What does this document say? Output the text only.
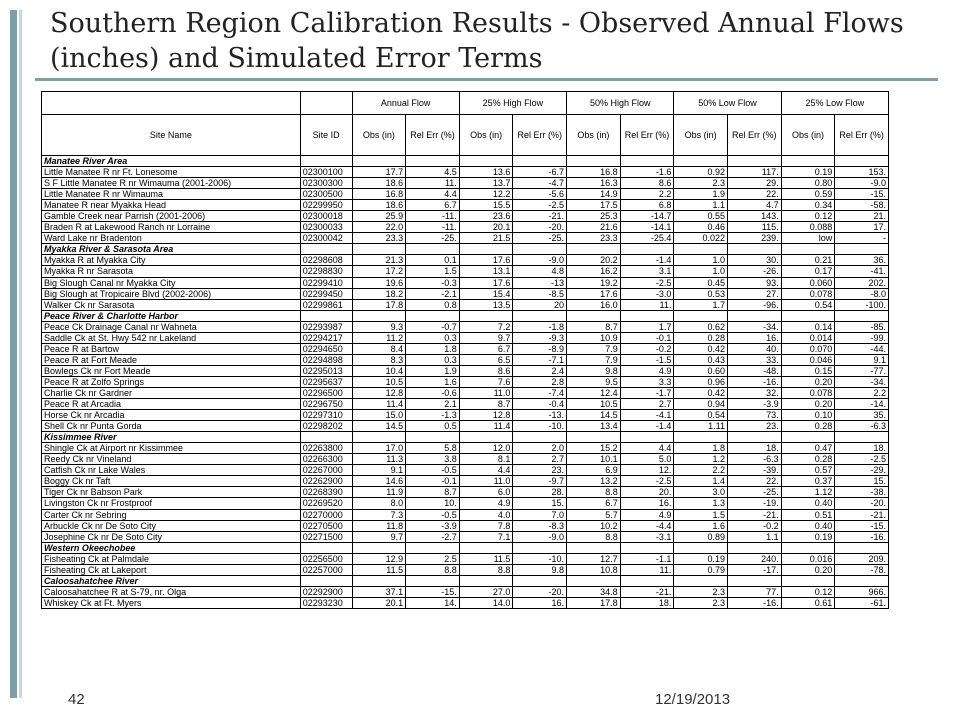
Southern Region Calibration Results - Observed Annual Flows (inches) and Simulated Error Terms
		Annual Flow		25% High Flow		50% High Flow		50% Low Flow		25% Low Flow	
Site Name	Site ID	Obs (in)	Rel Err (%)	Obs (in)	Rel Err (%)	Obs (in)	Rel Err (%)	Obs (in)	Rel Err (%)	Obs (in)	Rel Err (%)
Manatee River Area											
Little Manatee R nr Ft. Lonesome	02300100	17.7	4.5	13.6	-6.7	16.8	-1.6	0.92	117.	0.19	153.
S F Little Manatee R nr Wimauma (2001-2006)	02300300	18.6	11.	13.7	-4.7	16.3	8.6	2.3	29.	0.80	-9.0
Little Manatee R nr Wimauma	02300500	16.8	4.4	12.2	-5.6	14.9	2.2	1.9	22.	0.59	-15.
Manatee R near Myakka Head	02299950	18.6	6.7	15.5	-2.5	17.5	6.8	1.1	4.7	0.34	-58.
Gamble Creek near Parrish (2001-2006)	02300018	25.9	-11.	23.6	-21.	25.3	-14.7	0.55	143.	0.12	21.
Braden R at Lakewood Ranch nr Lorraine	02300033	22.0	-11.	20.1	-20.	21.6	-14.1	0.46	115.	0.088	17.
Ward Lake nr Bradenton	02300042	23.3	-25.	21.5	-25.	23.3	-25.4	0.022	239.	low	-
Myakka River & Sarasota Area											
Myakka R at Myakka City	02298608	21.3	0.1	17.6	-9.0	20.2	-1.4	1.0	30.	0.21	36.
Myakka R nr Sarasota	02298830	17.2	1.5	13.1	4.8	16.2	3.1	1.0	-26.	0.17	-41.
Big Slough Canal nr Myakka City	02299410	19.6	-0.3	17.6	-13	19.2	-2.5	0.45	93.	0.060	202.
Big Slough at Tropicaire Blvd (2002-2006)	02299450	18.2	-2.1	15.4	-8.5	17.6	-3.0	0.53	27.	0.078	-8.0
Walker Ck nr Sarasota	02299861	17.8	0.8	13.5	20	16.0	11.	1.7	-96.	0.54	-100.
Peace River & Charlotte Harbor											
Peace Ck Drainage Canal nr Wahneta	02293987	9.3	-0.7	7.2	-1.8	8.7	1.7	0.62	-34.	0.14	-85.
Saddle Ck at St. Hwy 542 nr Lakeland	02294217	11.2	0.3	9.7	-9.3	10.9	-0.1	0.28	16.	0.014	-99.
Peace R at Bartow	02294650	8.4	1.8	6.7	-8.9	7.9	-0.2	0.42	40.	0.070	-44.
Peace R at Fort Meade	02294898	8.3	0.3	6.5	-7.1	7.9	-1.5	0.43	33.	0.046	9.1
Bowlegs Ck nr Fort Meade	02295013	10.4	1.9	8.6	2.4	9.8	4.9	0.60	-48.	0.15	-77.
Peace R at Zolfo Springs	02295637	10.5	1.6	7.6	2.8	9.5	3.3	0.96	-16.	0.20	-34.
Charlie Ck nr Gardner	02296500	12.8	-0.6	11.0	-7.4	12.4	-1.7	0.42	32.	0.078	2.2
Peace R at Arcadia	02296750	11.4	2.1	8.7	-0.4	10.5	2.7	0.94	-3.9	0.20	-14.
Horse Ck nr Arcadia	02297310	15.0	-1.3	12.8	-13.	14.5	-4.1	0.54	73.	0.10	35.
Shell Ck nr Punta Gorda	02298202	14.5	0.5	11.4	-10.	13.4	-1.4	1.11	23.	0.28	-6.3
Kissimmee River											
Shingle Ck at Airport nr Kissimmee	02263800	17.0	5.8	12.0	2.0	15.2	4.4	1.8	18.	0.47	18.
Reedy Ck nr Vineland	02266300	11.3	3.8	8.1	2.7	10.1	5.0	1.2	-6.3	0.28	-2.5
Catfish Ck nr Lake Wales	02267000	9.1	-0.5	4.4	23.	6.9	12.	2.2	-39.	0.57	-29.
Boggy Ck nr Taft	02262900	14.6	-0.1	11.0	-9.7	13.2	-2.5	1.4	22.	0.37	15.
Tiger Ck nr Babson Park	02268390	11.9	8.7	6.0	28.	8.8	20.	3.0	-25.	1.12	-38.
Livingston Ck nr Frostproof	02269520	8.0	10.	4.9	15.	6.7	16.	1.3	-19.	0.40	-20.
Carter Ck nr Sebring	02270000	7.3	-0.5	4.0	7.0	5.7	4.9	1.5	-21.	0.51	-21.
Arbuckle Ck nr De Soto City	02270500	11.8	-3.9	7.8	-8.3	10.2	-4.4	1.6	-0.2	0.40	-15.
Josephine Ck nr De Soto City	02271500	9.7	-2.7	7.1	-9.0	8.8	-3.1	0.89	1.1	0.19	-16.
Western Okeechobee											
Fisheating Ck at Palmdale	02256500	12.9	2.5	11.5	-10.	12.7	-1.1	0.19	240.	0.016	209.
Fisheating Ck at Lakeport	02257000	11.5	8.8	8.8	9.8	10.8	11.	0.79	-17.	0.20	-78.
Caloosahatchee River											
Caloosahatchee R at S-79, nr. Olga	02292900	37.1	-15.	27.0	-20.	34.8	-21.	2.3	77.	0.12	966.
Whiskey Ck at Ft. Myers	02293230	20.1	14.	14.0	16.	17.8	18.	2.3	-16.	0.61	-61.
42	12/19/2013
